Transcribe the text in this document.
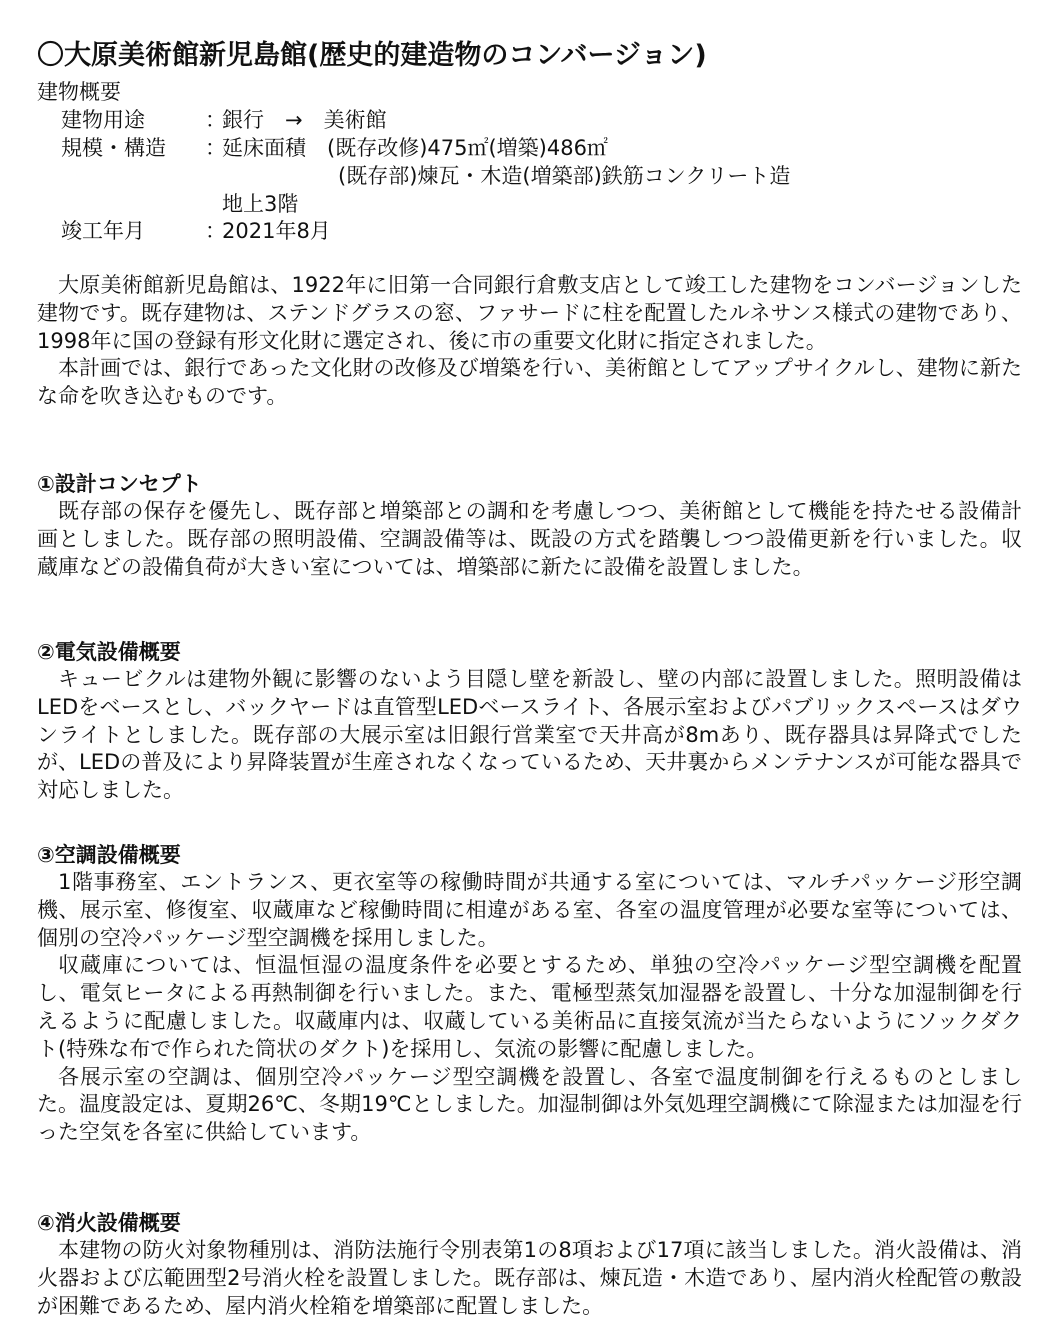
〇大原美術館新児島館(歴史的建造物のコンバージョン)
建物概要
建物用途	：
銀行　→　美術館
規模・構造 ：
延床面積　(既存改修)475㎡(増築)486㎡
(既存部)煉瓦・木造(増築部)鉄筋コンクリート造
地上3階
竣工年月	：
2021年8月

大原美術館新児島館は、1922年に旧第一合同銀行倉敷支店として竣工した建物をコンバージョンした建物です。既存建物は、ステンドグラスの窓、ファサードに柱を配置したルネサンス様式の建物であり、1998年に国の登録有形文化財に選定され、後に市の重要文化財に指定されました。

本計画では、銀行であった文化財の改修及び増築を行い、美術館としてアップサイクルし、建物に新たな命を吹き込むものです。

①設計コンセプト

既存部の保存を優先し、既存部と増築部との調和を考慮しつつ、美術館として機能を持たせる設備計画としました。既存部の照明設備、空調設備等は、既設の方式を踏襲しつつ設備更新を行いました。収蔵庫などの設備負荷が大きい室については、増築部に新たに設備を設置しました。

②電気設備概要

キュービクルは建物外観に影響のないよう目隠し壁を新設し、壁の内部に設置しました。照明設備はLEDをベースとし、バックヤードは直管型LEDベースライト、各展示室およびパブリックスペースはダウンライトとしました。既存部の大展示室は旧銀行営業室で天井高が8mあり、既存器具は昇降式でしたが、LEDの普及により昇降装置が生産されなくなっているため、天井裏からメンテナンスが可能な器具で対応しました。

③空調設備概要

1階事務室、エントランス、更衣室等の稼働時間が共通する室については、マルチパッケージ形空調機、展示室、修復室、収蔵庫など稼働時間に相違がある室、各室の温度管理が必要な室等については、個別の空冷パッケージ型空調機を採用しました。

収蔵庫については、恒温恒湿の温度条件を必要とするため、単独の空冷パッケージ型空調機を配置し、電気ヒータによる再熱制御を行いました。また、電極型蒸気加湿器を設置し、十分な加湿制御を行えるように配慮しました。収蔵庫内は、収蔵している美術品に直接気流が当たらないようにソックダクト(特殊な布で作られた筒状のダクト)を採用し、気流の影響に配慮しました。

各展示室の空調は、個別空冷パッケージ型空調機を設置し、各室で温度制御を行えるものとしました。温度設定は、夏期26℃、冬期19℃としました。加湿制御は外気処理空調機にて除湿または加湿を行った空気を各室に供給しています。

④消火設備概要

本建物の防火対象物種別は、消防法施行令別表第1の8項および17項に該当しました。消火設備は、消火器および広範囲型2号消火栓を設置しました。既存部は、煉瓦造・木造であり、屋内消火栓配管の敷設が困難であるため、屋内消火栓箱を増築部に配置しました。
